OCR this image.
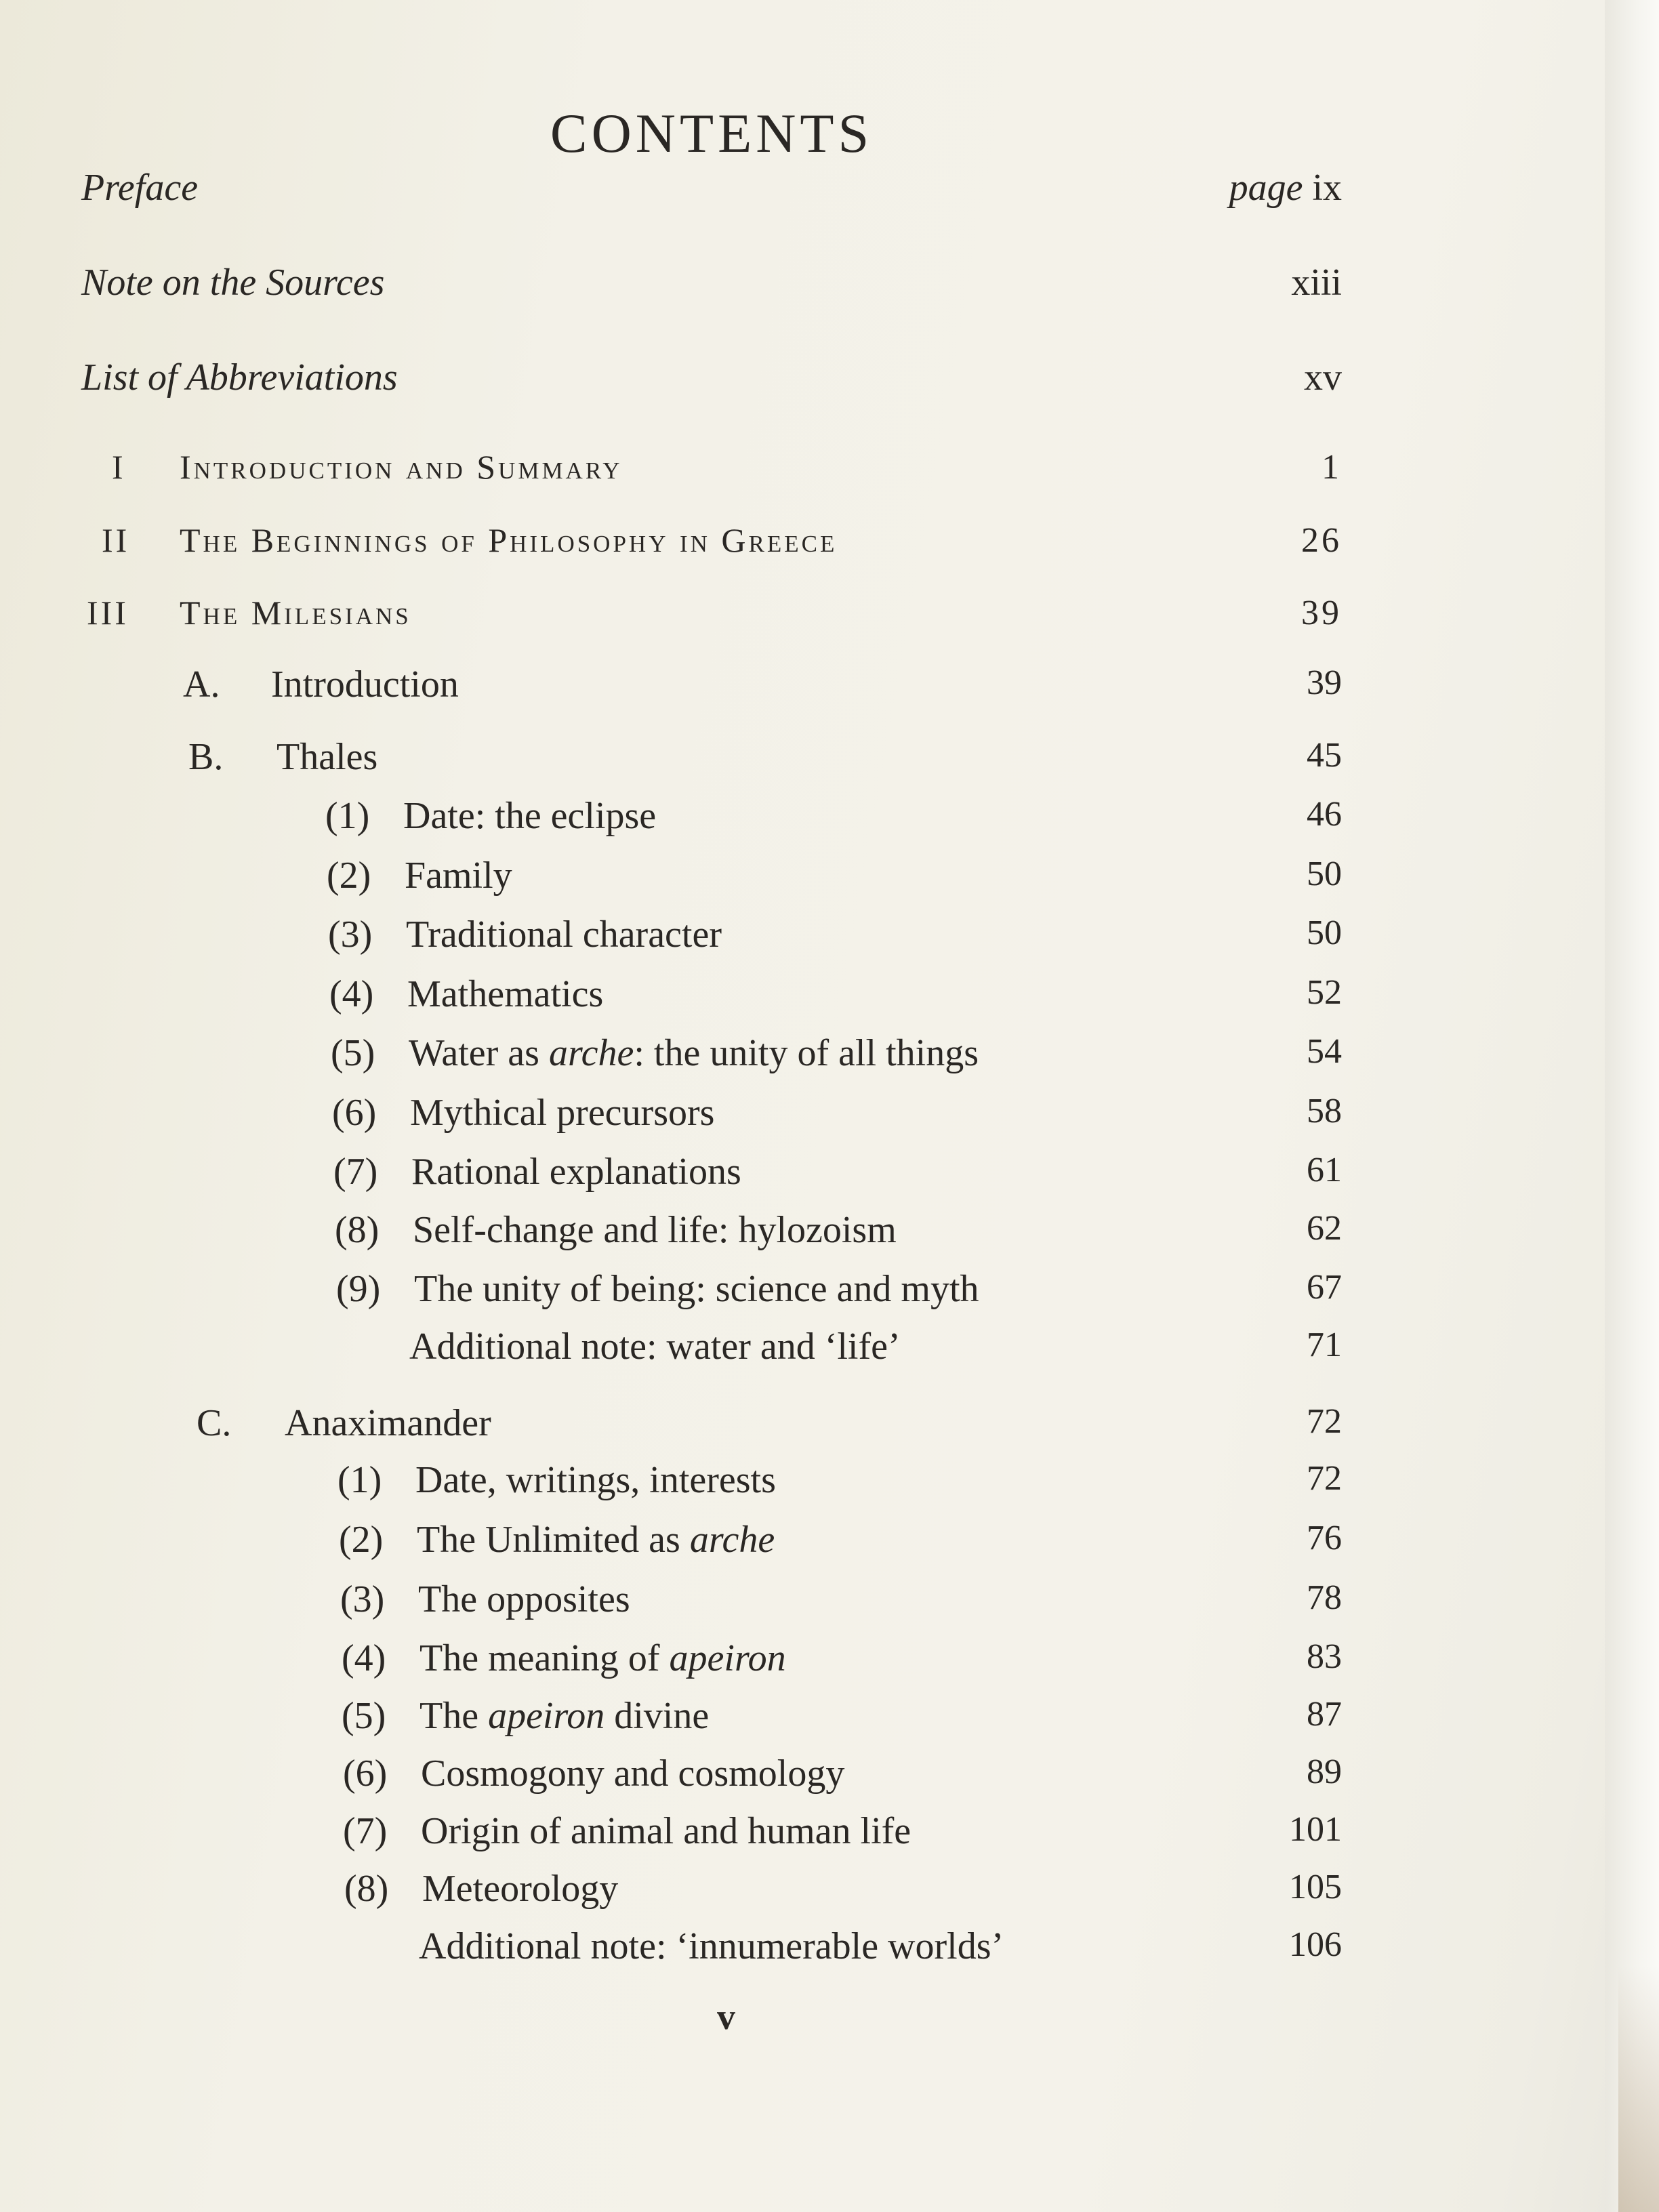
CONTENTS
Preface	page ix
Note on the Sources	xiii
List of Abbreviations	xv
I Introduction and Summary	1
II The Beginnings of Philosophy in Greece	26
III The Milesians	39
A. Introduction	39
B. Thales	45
(1) Date: the eclipse	46
(2) Family	50
(3) Traditional character	50
(4) Mathematics	52
(5) Water as arche: the unity of all things	54
(6) Mythical precursors	58
(7) Rational explanations	61
(8) Self-change and life: hylozoism	62
(9) The unity of being: science and myth	67
Additional note: water and ‘life’	71
C. Anaximander	72
(1) Date, writings, interests	72
(2) The Unlimited as arche	76
(3) The opposites	78
(4) The meaning of apeiron	83
(5) The apeiron divine	87
(6) Cosmogony and cosmology	89
(7) Origin of animal and human life	101
(8) Meteorology	105
Additional note: ‘innumerable worlds’	106
v
